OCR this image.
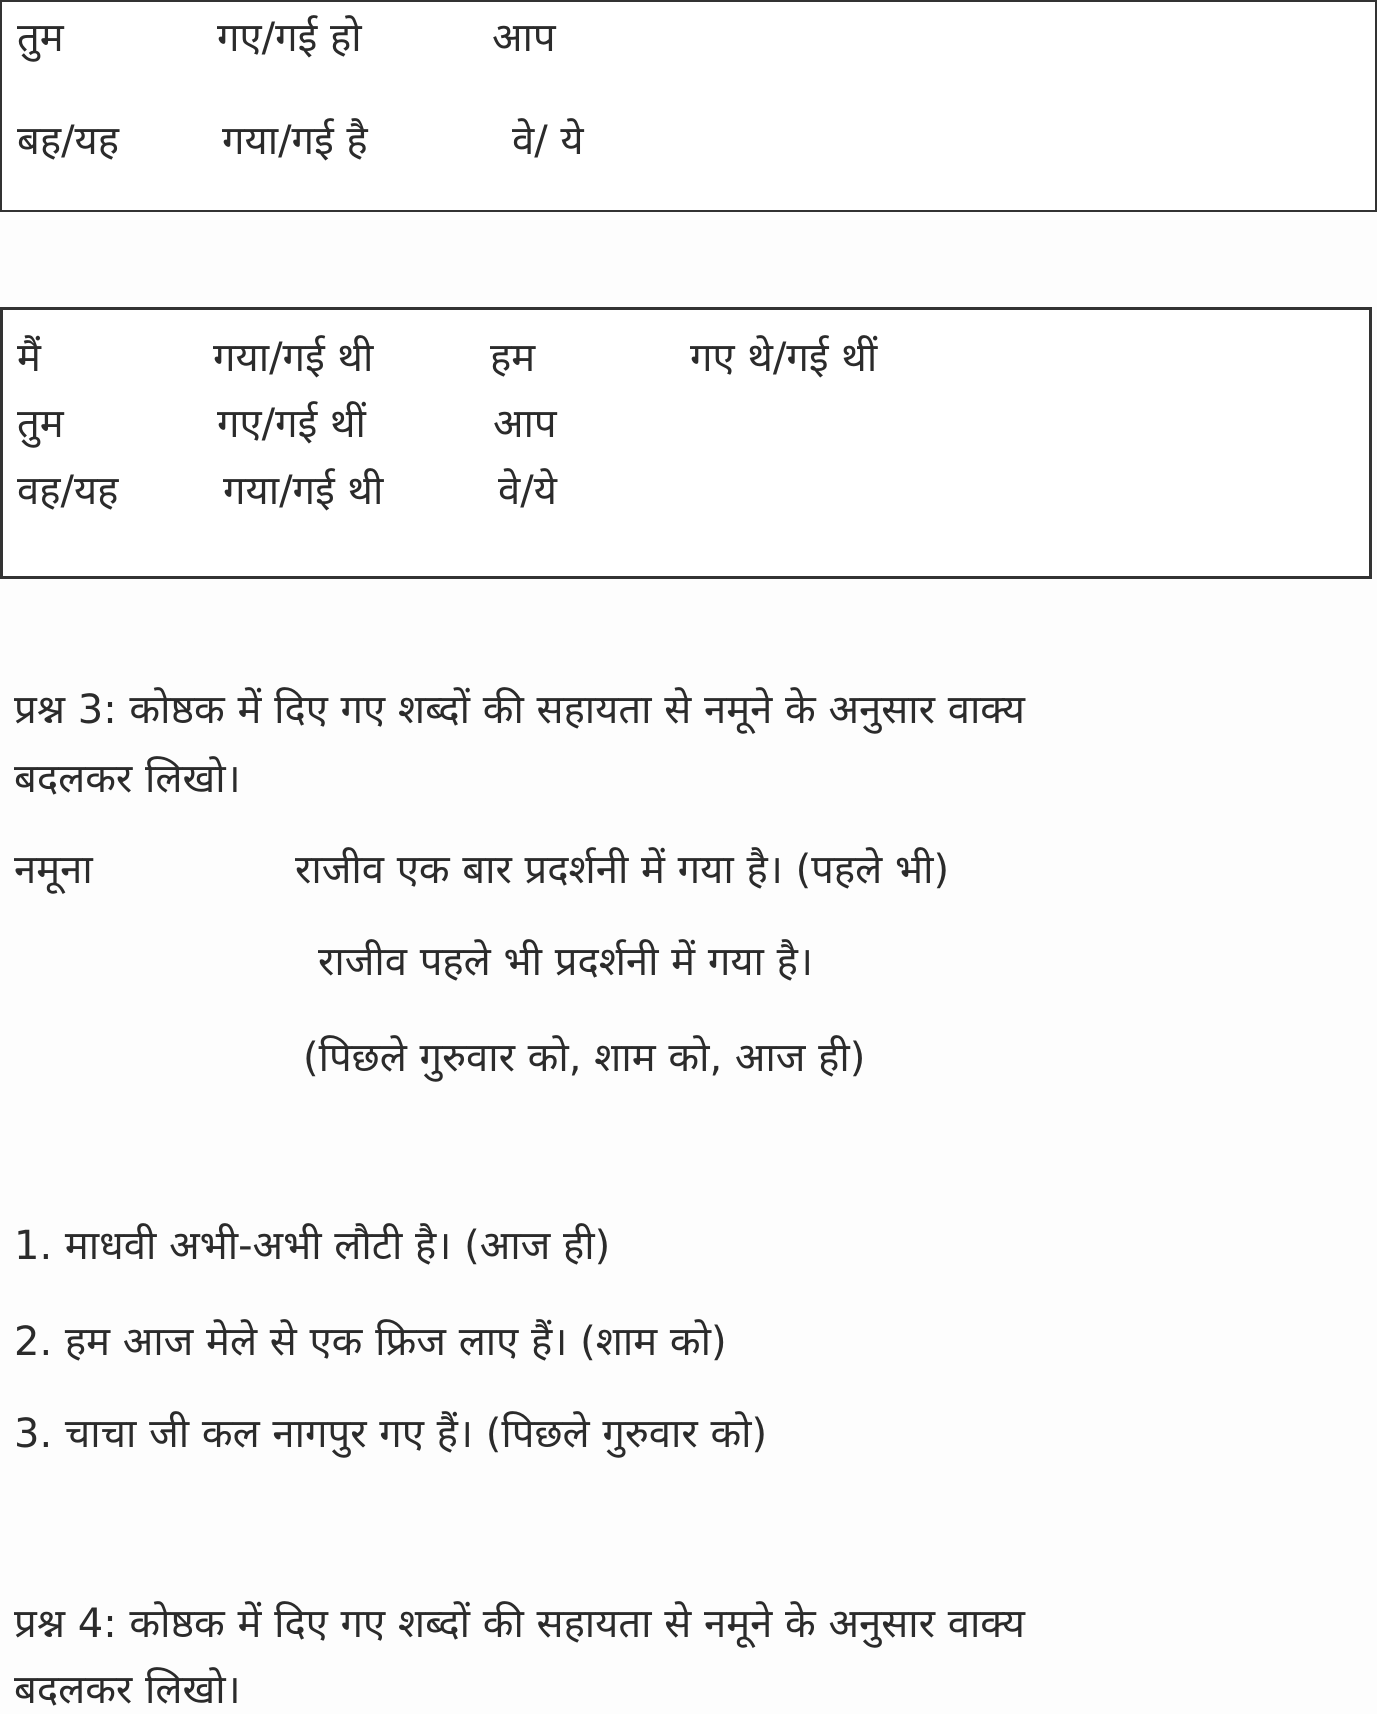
तुम	गए/गई हो	आप
बह/यह	गया/गई है	वे/ ये
मैं	गया/गई थी	हम	गए थे/गई थीं
तुम	गए/गई थीं	आप
वह/यह	गया/गई थी	वे/ये
प्रश्न 3: कोष्ठक में दिए गए शब्दों की सहायता से नमूने के अनुसार वाक्य
बदलकर लिखो।
नमूना	राजीव एक बार प्रदर्शनी में गया है। (पहले भी)
राजीव पहले भी प्रदर्शनी में गया है।
(पिछले गुरुवार को, शाम को, आज ही)
1. माधवी अभी-अभी लौटी है। (आज ही)
2. हम आज मेले से एक फ्रिज लाए हैं। (शाम को)
3. चाचा जी कल नागपुर गए हैं। (पिछले गुरुवार को)
प्रश्न 4: कोष्ठक में दिए गए शब्दों की सहायता से नमूने के अनुसार वाक्य
बदलकर लिखो।
